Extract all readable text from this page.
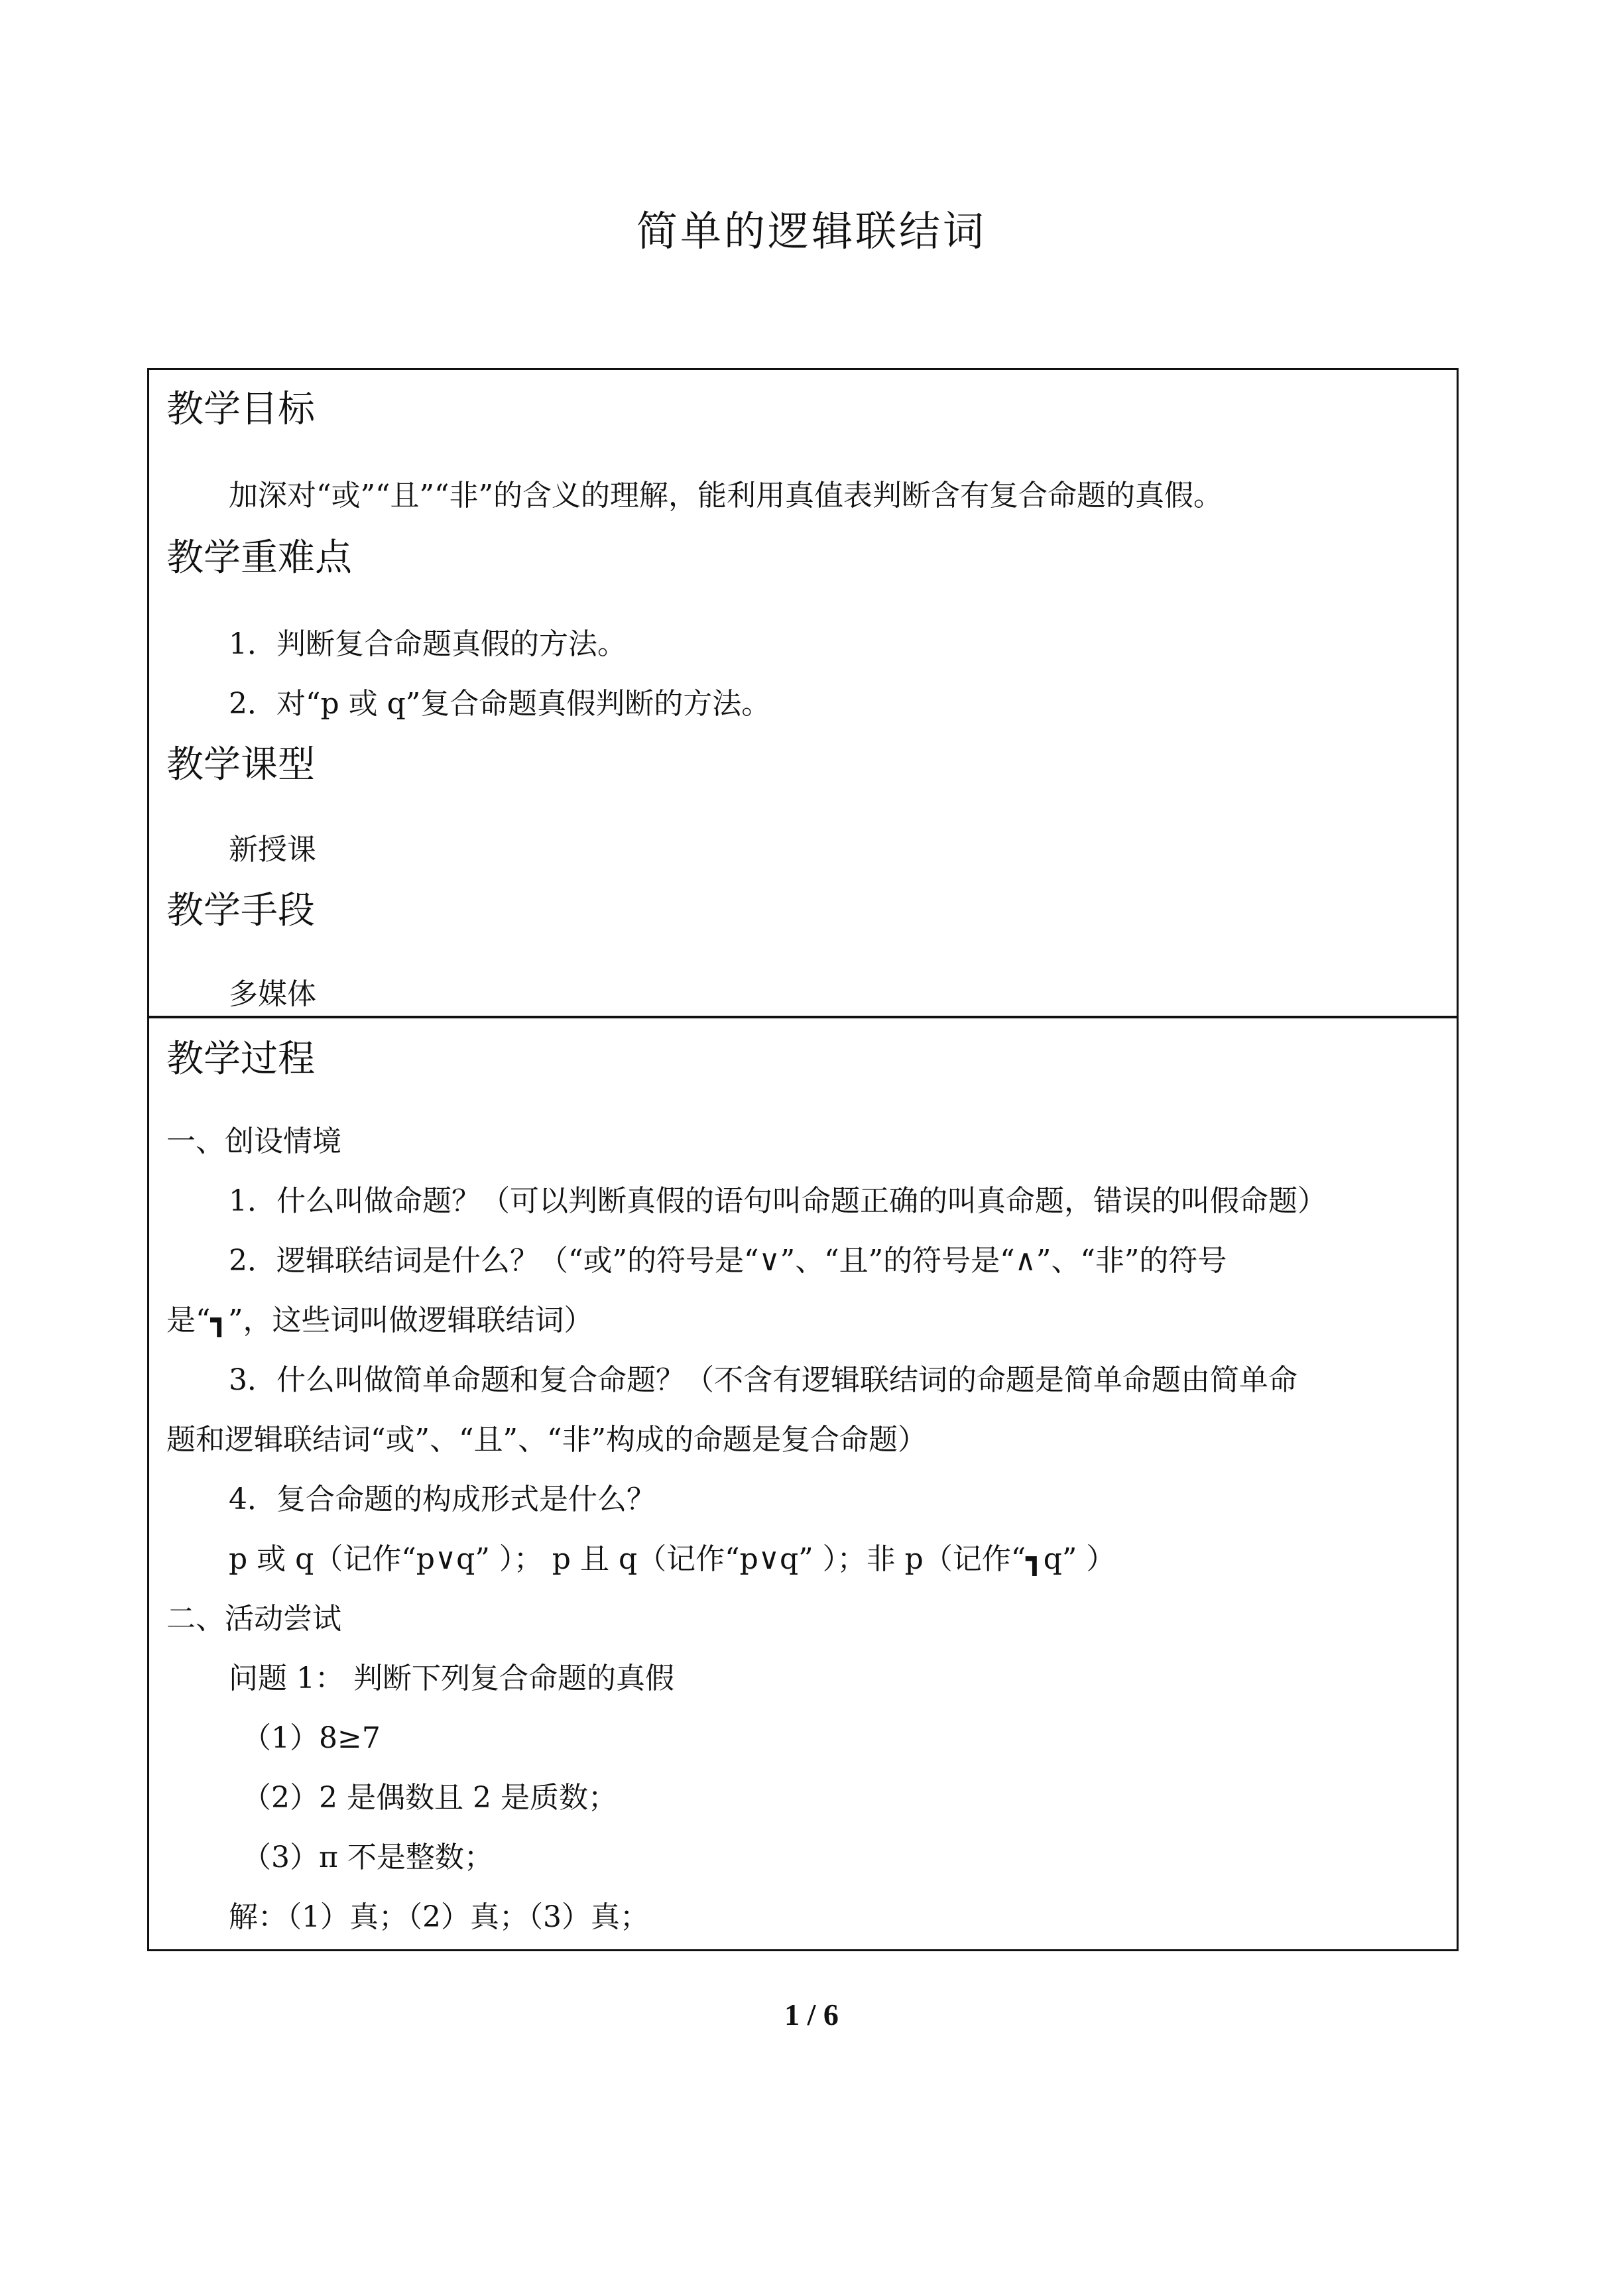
简单的逻辑联结词
教学目标
加深对“或”“且”“非”的含义的理解，能利用真值表判断含有复合命题的真假。
教学重难点
1．判断复合命题真假的方法。
2．对“p 或 q”复合命题真假判断的方法。
教学课型
新授课
教学手段
多媒体
教学过程
一、创设情境
1．什么叫做命题？（可以判断真假的语句叫命题正确的叫真命题，错误的叫假命题）
2．逻辑联结词是什么？（“或”的符号是“∨”、“且”的符号是“∧”、“非”的符号
是“┓”，这些词叫做逻辑联结词）
3．什么叫做简单命题和复合命题？（不含有逻辑联结词的命题是简单命题由简单命
题和逻辑联结词“或”、“且”、“非”构成的命题是复合命题）
4．复合命题的构成形式是什么？
p 或 q（记作“p∨q” ）； p 且 q（记作“p∨q” ）；非 p（记作“┓q” ）
二、活动尝试
问题 1： 判断下列复合命题的真假
（1）8≥7
（2）2 是偶数且 2 是质数；
（3）π 不是整数；
解：（1）真；（2）真；（3）真；
1 / 6
